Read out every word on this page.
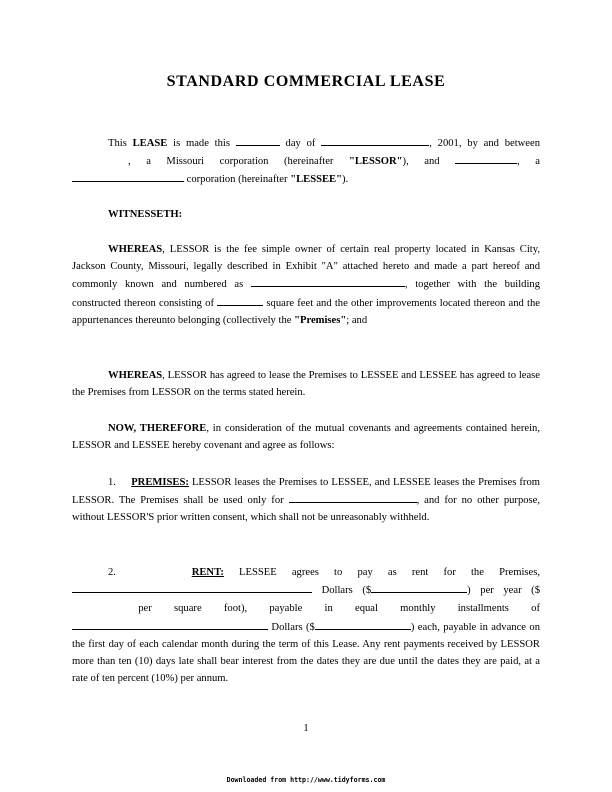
STANDARD COMMERCIAL LEASE

This LEASE is made this	day of	, 2001, by and between , a Missouri corporation (hereinafter "LESSOR"), and	, a  corporation (hereinafter "LESSEE").

WITNESSETH:

WHEREAS, LESSOR is the fee simple owner of certain real property located in Kansas City, Jackson County, Missouri, legally described in Exhibit "A" attached hereto and made a part hereof and commonly known and numbered as	, together with the building constructed thereon consisting of	square feet and the other improvements located thereon and the appurtenances thereunto belonging (collectively the "Premises"; and

WHEREAS, LESSOR has agreed to lease the Premises to LESSEE and LESSEE has agreed to lease the Premises from LESSOR on the terms stated herein.

NOW, THEREFORE, in consideration of the mutual covenants and agreements contained herein, LESSOR and LESSEE hereby covenant and agree as follows:

1. PREMISES: LESSOR leases the Premises to LESSEE, and LESSEE leases the Premises from LESSOR. The Premises shall be used only for	, and for no other purpose, without LESSOR'S prior written consent, which shall not be unreasonably withheld.

2.	RENT: LESSEE agrees to pay as rent for the Premises,  Dollars ($	) per year ($ per square foot), payable in equal monthly installments of  Dollars ($	) each, payable in advance on the first day of each calendar month during the term of this Lease. Any rent payments received by LESSOR more than ten (10) days late shall bear interest from the dates they are due until the dates they are paid, at a rate of ten percent (10%) per annum.

1
Downloaded from http://www.tidyforms.com
